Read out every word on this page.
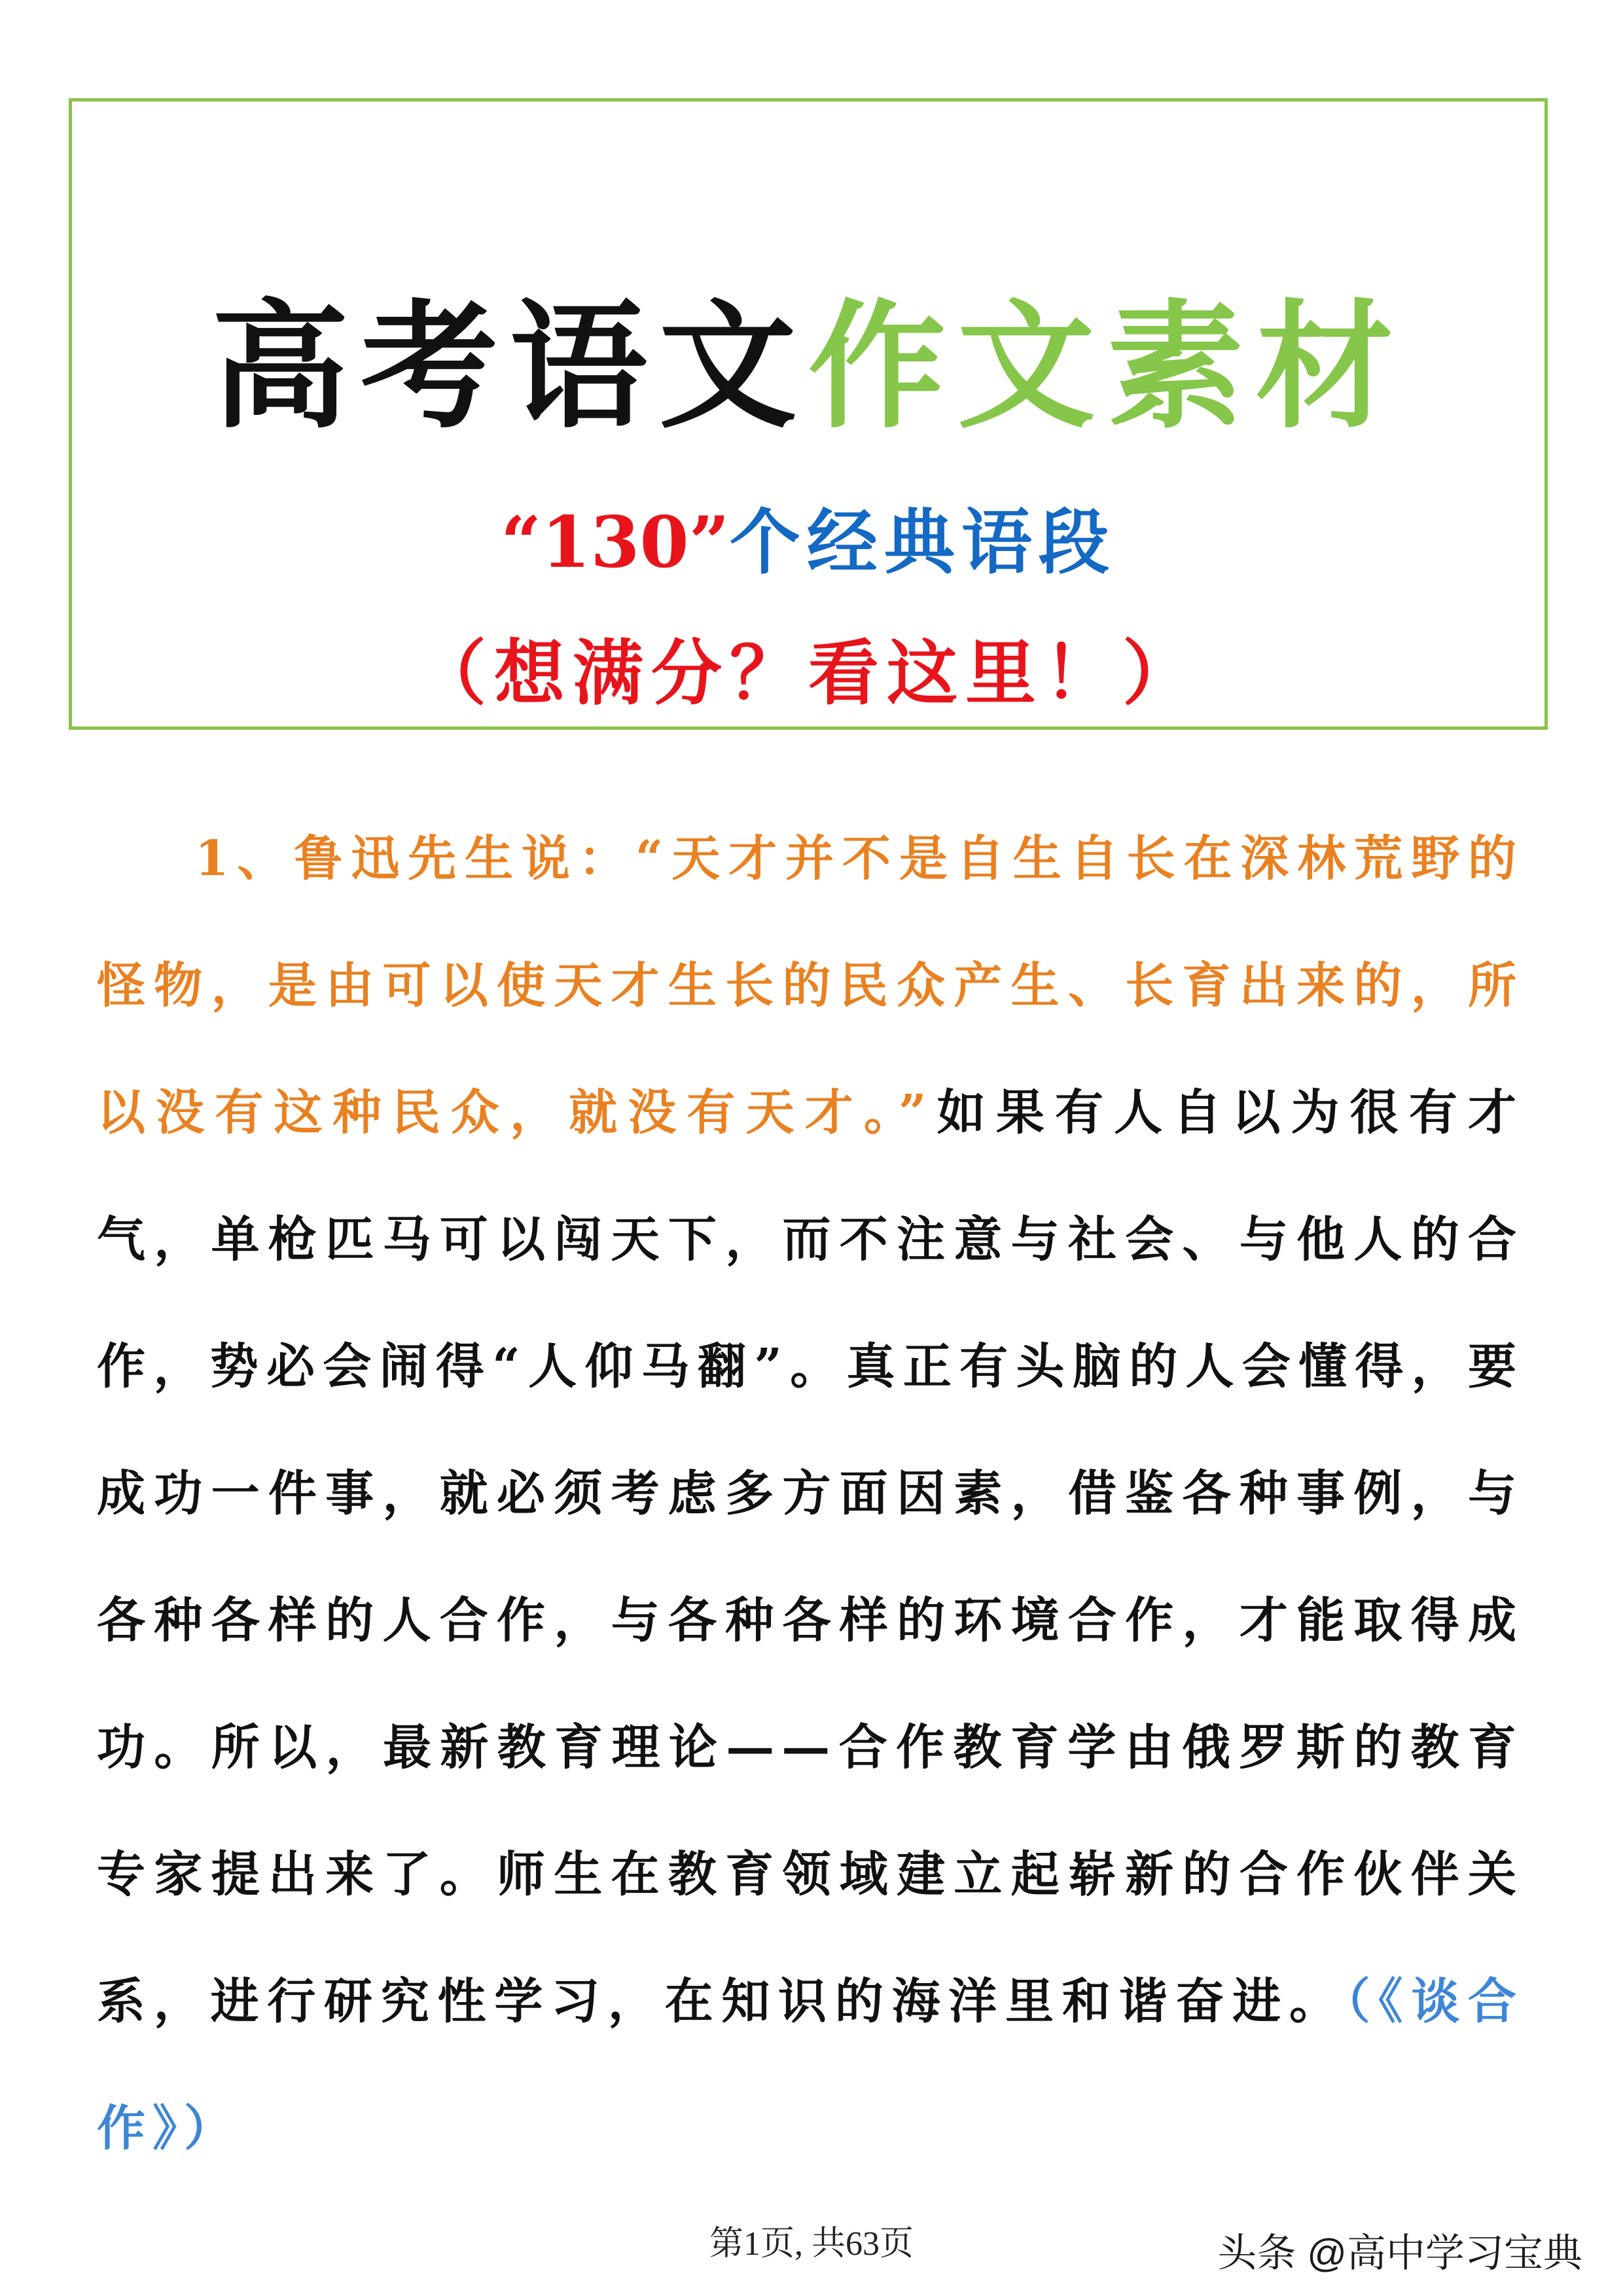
高考语文作文素材
“130”个经典语段
（想满分？看这里！）

1、鲁迅先生说：“天才并不是自生自长在深林荒野的怪物，是由可以使天才生长的民众产生、长育出来的，所以没有这种民众，就没有天才。”如果有人自以为很有才气，单枪匹马可以闯天下，而不注意与社会、与他人的合作，势必会闹得“人仰马翻”。真正有头脑的人会懂得，要成功一件事，就必须考虑多方面因素，借鉴各种事例，与各种各样的人合作，与各种各样的环境合作，才能取得成功。所以，最新教育理论——合作教育学由俄罗斯的教育专家提出来了。师生在教育领域建立起崭新的合作伙伴关系，进行研究性学习，在知识的海洋里和谐奋进。（《谈合作》）

第1页, 共63页	头条 @高中学习宝典
